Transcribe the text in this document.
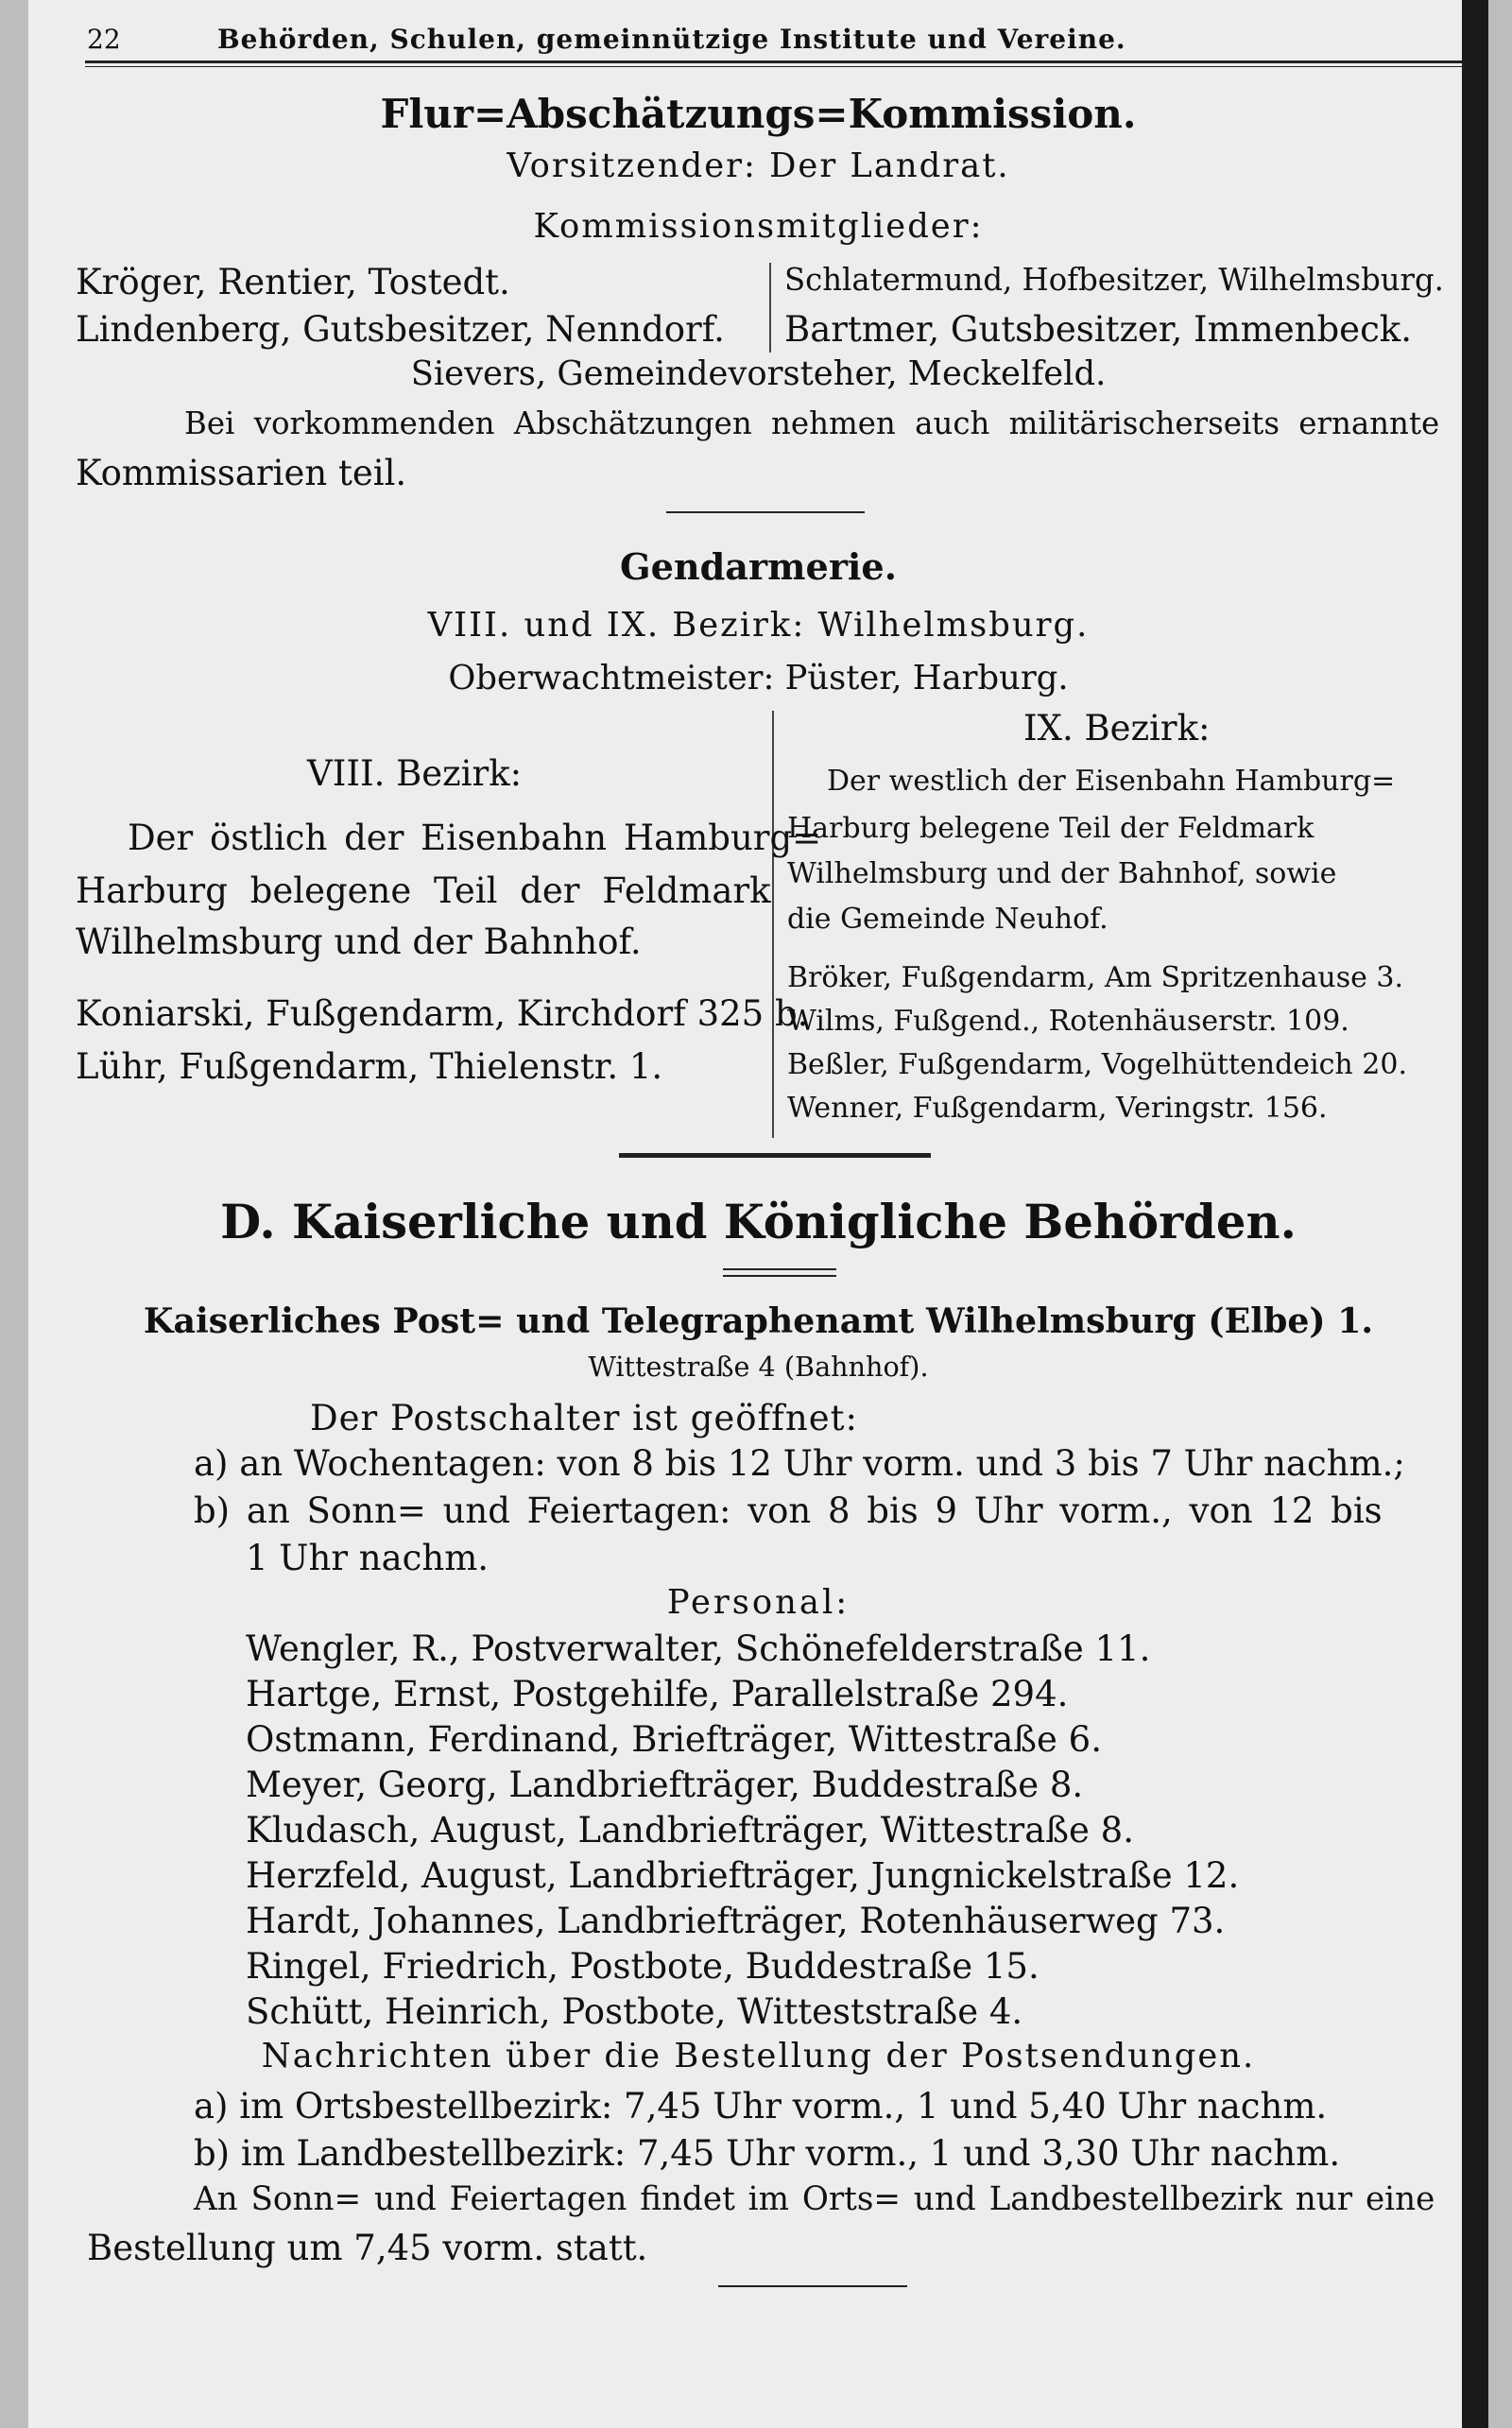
22	Behörden, Schulen, gemeinnützige Institute und Vereine.
Flur=Abschätzungs=Kommission.
Vorsitzender: Der Landrat.
Kommissionsmitglieder:
Kröger, Rentier, Tostedt.
Lindenberg, Gutsbesitzer, Nenndorf.
Schlatermund, Hofbesitzer, Wilhelmsburg.
Bartmer, Gutsbesitzer, Immenbeck.
Sievers, Gemeindevorsteher, Meckelfeld.
Bei vorkommenden Abschätzungen nehmen auch militärischerseits ernannte
Kommissarien teil.
Gendarmerie.
VIII. und IX. Bezirk: Wilhelmsburg.
Oberwachtmeister: Püster, Harburg.
VIII. Bezirk:
Der östlich der Eisenbahn Hamburg=
Harburg belegene Teil der Feldmark
Wilhelmsburg und der Bahnhof.
Koniarski, Fußgendarm, Kirchdorf 325 b.
Lühr, Fußgendarm, Thielenstr. 1.
IX. Bezirk:
Der westlich der Eisenbahn Hamburg=
Harburg belegene Teil der Feldmark
Wilhelmsburg und der Bahnhof, sowie
die Gemeinde Neuhof.
Bröker, Fußgendarm, Am Spritzenhause 3.
Wilms, Fußgend., Rotenhäuserstr. 109.
Beßler, Fußgendarm, Vogelhüttendeich 20.
Wenner, Fußgendarm, Veringstr. 156.
D. Kaiserliche und Königliche Behörden.
Kaiserliches Post= und Telegraphenamt Wilhelmsburg (Elbe) 1.
Wittestraße 4 (Bahnhof).
Der Postschalter ist geöffnet:
a) an Wochentagen: von 8 bis 12 Uhr vorm. und 3 bis 7 Uhr nachm.;
b) an Sonn= und Feiertagen: von 8 bis 9 Uhr vorm., von 12 bis
1 Uhr nachm.
Personal:
Wengler, R., Postverwalter, Schönefelderstraße 11.
Hartge, Ernst, Postgehilfe, Parallelstraße 294.
Ostmann, Ferdinand, Briefträger, Wittestraße 6.
Meyer, Georg, Landbriefträger, Buddestraße 8.
Kludasch, August, Landbriefträger, Wittestraße 8.
Herzfeld, August, Landbriefträger, Jungnickelstraße 12.
Hardt, Johannes, Landbriefträger, Rotenhäuserweg 73.
Ringel, Friedrich, Postbote, Buddestraße 15.
Schütt, Heinrich, Postbote, Witteststraße 4.
Nachrichten über die Bestellung der Postsendungen.
a) im Ortsbestellbezirk: 7,45 Uhr vorm., 1 und 5,40 Uhr nachm.
b) im Landbestellbezirk: 7,45 Uhr vorm., 1 und 3,30 Uhr nachm.
An Sonn= und Feiertagen findet im Orts= und Landbestellbezirk nur eine
Bestellung um 7,45 vorm. statt.
